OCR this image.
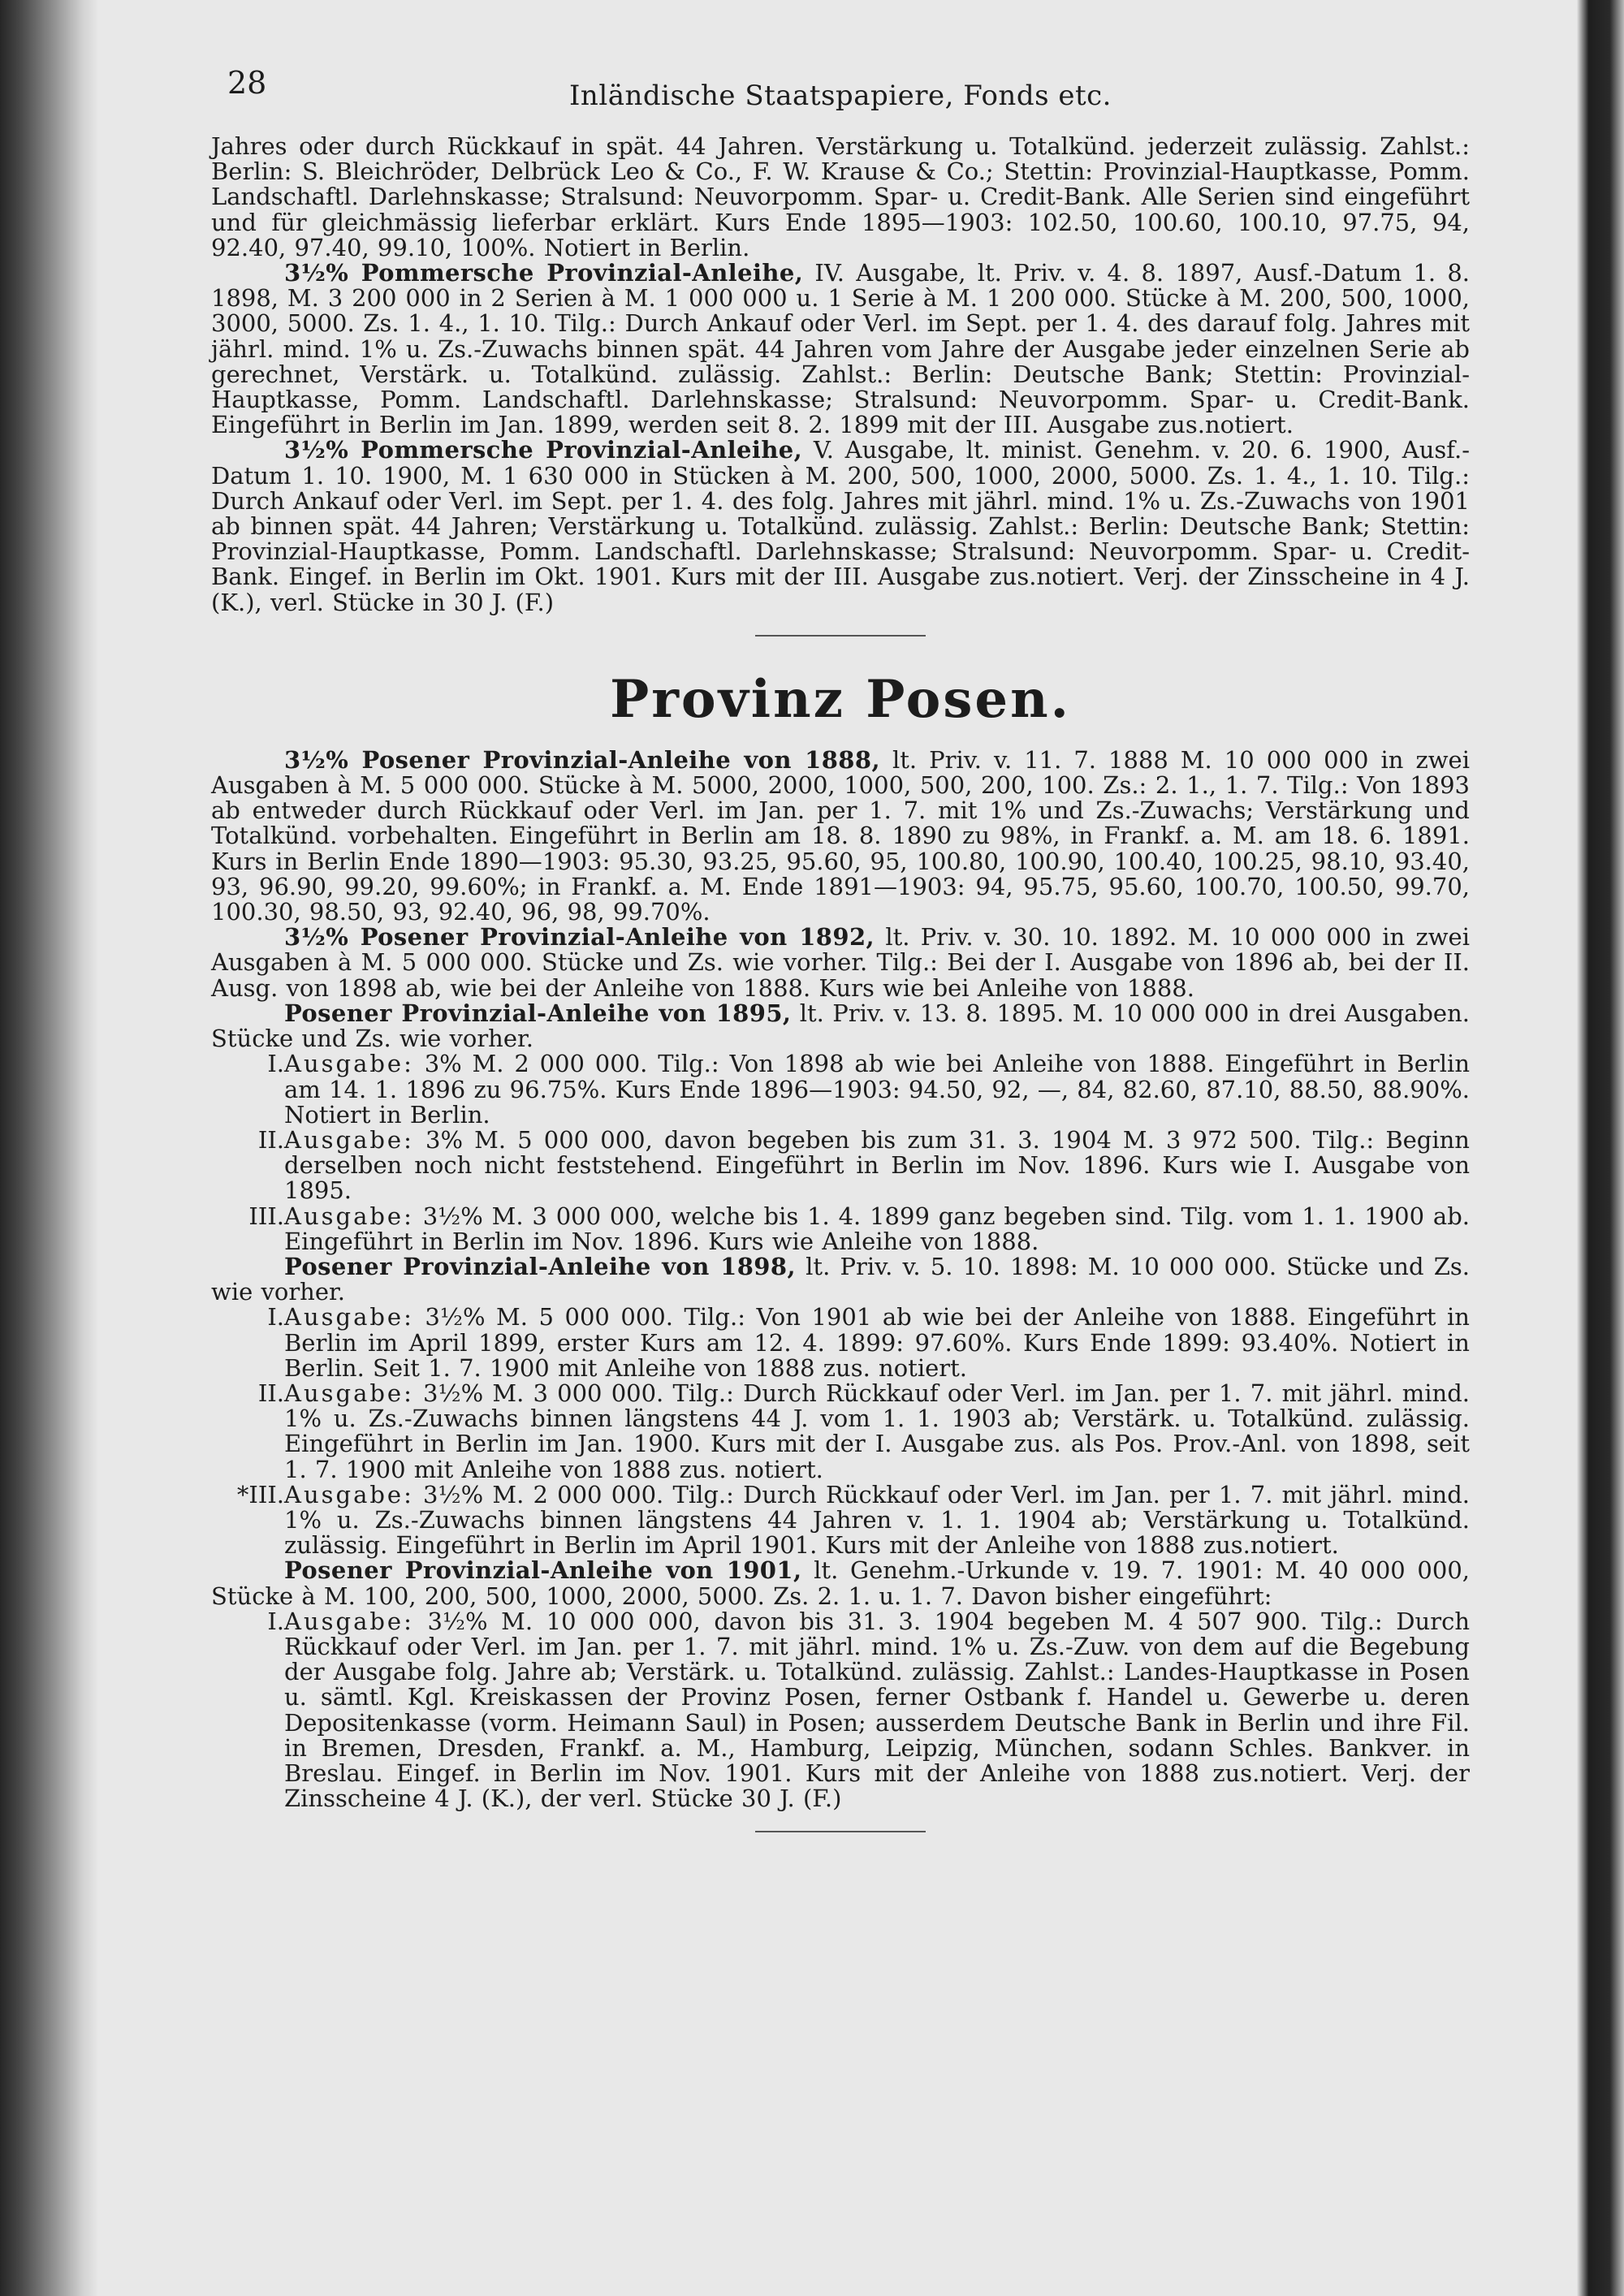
28	Inländische Staatspapiere, Fonds etc.

Jahres oder durch Rückkauf in spät. 44 Jahren. Verstärkung u. Totalkünd. jederzeit zulässig. Zahlst.: Berlin: S. Bleichröder, Delbrück Leo & Co., F. W. Krause & Co.; Stettin: Provinzial-Hauptkasse, Pomm. Landschaftl. Darlehnskasse; Stralsund: Neuvorpomm. Spar- u. Credit-Bank. Alle Serien sind eingeführt und für gleichmässig lieferbar erklärt. Kurs Ende 1895—1903: 102.50, 100.60, 100.10, 97.75, 94, 92.40, 97.40, 99.10, 100%. Notiert in Berlin.

3½% Pommersche Provinzial-Anleihe, IV. Ausgabe, lt. Priv. v. 4. 8. 1897, Ausf.-Datum 1. 8. 1898, M. 3 200 000 in 2 Serien à M. 1 000 000 u. 1 Serie à M. 1 200 000. Stücke à M. 200, 500, 1000, 3000, 5000. Zs. 1. 4., 1. 10. Tilg.: Durch Ankauf oder Verl. im Sept. per 1. 4. des darauf folg. Jahres mit jährl. mind. 1% u. Zs.-Zuwachs binnen spät. 44 Jahren vom Jahre der Ausgabe jeder einzelnen Serie ab gerechnet, Verstärk. u. Totalkünd. zulässig. Zahlst.: Berlin: Deutsche Bank; Stettin: Provinzial-Hauptkasse, Pomm. Landschaftl. Darlehnskasse; Stralsund: Neuvorpomm. Spar- u. Credit-Bank. Eingeführt in Berlin im Jan. 1899, werden seit 8. 2. 1899 mit der III. Ausgabe zus.notiert.

3½% Pommersche Provinzial-Anleihe, V. Ausgabe, lt. minist. Genehm. v. 20. 6. 1900, Ausf.-Datum 1. 10. 1900, M. 1 630 000 in Stücken à M. 200, 500, 1000, 2000, 5000. Zs. 1. 4., 1. 10. Tilg.: Durch Ankauf oder Verl. im Sept. per 1. 4. des folg. Jahres mit jährl. mind. 1% u. Zs.-Zuwachs von 1901 ab binnen spät. 44 Jahren; Verstärkung u. Totalkünd. zulässig. Zahlst.: Berlin: Deutsche Bank; Stettin: Provinzial-Hauptkasse, Pomm. Landschaftl. Darlehnskasse; Stralsund: Neuvorpomm. Spar- u. Credit-Bank. Eingef. in Berlin im Okt. 1901. Kurs mit der III. Ausgabe zus.notiert. Verj. der Zinsscheine in 4 J. (K.), verl. Stücke in 30 J. (F.)

Provinz Posen.

3½% Posener Provinzial-Anleihe von 1888, lt. Priv. v. 11. 7. 1888 M. 10 000 000 in zwei Ausgaben à M. 5 000 000. Stücke à M. 5000, 2000, 1000, 500, 200, 100. Zs.: 2. 1., 1. 7. Tilg.: Von 1893 ab entweder durch Rückkauf oder Verl. im Jan. per 1. 7. mit 1% und Zs.-Zuwachs; Verstärkung und Totalkünd. vorbehalten. Eingeführt in Berlin am 18. 8. 1890 zu 98%, in Frankf. a. M. am 18. 6. 1891. Kurs in Berlin Ende 1890—1903: 95.30, 93.25, 95.60, 95, 100.80, 100.90, 100.40, 100.25, 98.10, 93.40, 93, 96.90, 99.20, 99.60%; in Frankf. a. M. Ende 1891—1903: 94, 95.75, 95.60, 100.70, 100.50, 99.70, 100.30, 98.50, 93, 92.40, 96, 98, 99.70%.

3½% Posener Provinzial-Anleihe von 1892, lt. Priv. v. 30. 10. 1892. M. 10 000 000 in zwei Ausgaben à M. 5 000 000. Stücke und Zs. wie vorher. Tilg.: Bei der I. Ausgabe von 1896 ab, bei der II. Ausg. von 1898 ab, wie bei der Anleihe von 1888. Kurs wie bei Anleihe von 1888.

Posener Provinzial-Anleihe von 1895, lt. Priv. v. 13. 8. 1895. M. 10 000 000 in drei Ausgaben. Stücke und Zs. wie vorher.

I. Ausgabe: 3% M. 2 000 000. Tilg.: Von 1898 ab wie bei Anleihe von 1888. Eingeführt in Berlin am 14. 1. 1896 zu 96.75%. Kurs Ende 1896—1903: 94.50, 92, —, 84, 82.60, 87.10, 88.50, 88.90%. Notiert in Berlin.

II. Ausgabe: 3% M. 5 000 000, davon begeben bis zum 31. 3. 1904 M. 3 972 500. Tilg.: Beginn derselben noch nicht feststehend. Eingeführt in Berlin im Nov. 1896. Kurs wie I. Ausgabe von 1895.

III. Ausgabe: 3½% M. 3 000 000, welche bis 1. 4. 1899 ganz begeben sind. Tilg. vom 1. 1. 1900 ab. Eingeführt in Berlin im Nov. 1896. Kurs wie Anleihe von 1888.

Posener Provinzial-Anleihe von 1898, lt. Priv. v. 5. 10. 1898: M. 10 000 000. Stücke und Zs. wie vorher.

I. Ausgabe: 3½% M. 5 000 000. Tilg.: Von 1901 ab wie bei der Anleihe von 1888. Eingeführt in Berlin im April 1899, erster Kurs am 12. 4. 1899: 97.60%. Kurs Ende 1899: 93.40%. Notiert in Berlin. Seit 1. 7. 1900 mit Anleihe von 1888 zus. notiert.

II. Ausgabe: 3½% M. 3 000 000. Tilg.: Durch Rückkauf oder Verl. im Jan. per 1. 7. mit jährl. mind. 1% u. Zs.-Zuwachs binnen längstens 44 J. vom 1. 1. 1903 ab; Verstärk. u. Totalkünd. zulässig. Eingeführt in Berlin im Jan. 1900. Kurs mit der I. Ausgabe zus. als Pos. Prov.-Anl. von 1898, seit 1. 7. 1900 mit Anleihe von 1888 zus. notiert.

*III. Ausgabe: 3½% M. 2 000 000. Tilg.: Durch Rückkauf oder Verl. im Jan. per 1. 7. mit jährl. mind. 1% u. Zs.-Zuwachs binnen längstens 44 Jahren v. 1. 1. 1904 ab; Verstärkung u. Totalkünd. zulässig. Eingeführt in Berlin im April 1901. Kurs mit der Anleihe von 1888 zus.notiert.

Posener Provinzial-Anleihe von 1901, lt. Genehm.-Urkunde v. 19. 7. 1901: M. 40 000 000, Stücke à M. 100, 200, 500, 1000, 2000, 5000. Zs. 2. 1. u. 1. 7. Davon bisher eingeführt:

I. Ausgabe: 3½% M. 10 000 000, davon bis 31. 3. 1904 begeben M. 4 507 900. Tilg.: Durch Rückkauf oder Verl. im Jan. per 1. 7. mit jährl. mind. 1% u. Zs.-Zuw. von dem auf die Begebung der Ausgabe folg. Jahre ab; Verstärk. u. Totalkünd. zulässig. Zahlst.: Landes-Hauptkasse in Posen u. sämtl. Kgl. Kreiskassen der Provinz Posen, ferner Ostbank f. Handel u. Gewerbe u. deren Depositenkasse (vorm. Heimann Saul) in Posen; ausserdem Deutsche Bank in Berlin und ihre Fil. in Bremen, Dresden, Frankf. a. M., Hamburg, Leipzig, München, sodann Schles. Bankver. in Breslau. Eingef. in Berlin im Nov. 1901. Kurs mit der Anleihe von 1888 zus.notiert. Verj. der Zinsscheine 4 J. (K.), der verl. Stücke 30 J. (F.)
